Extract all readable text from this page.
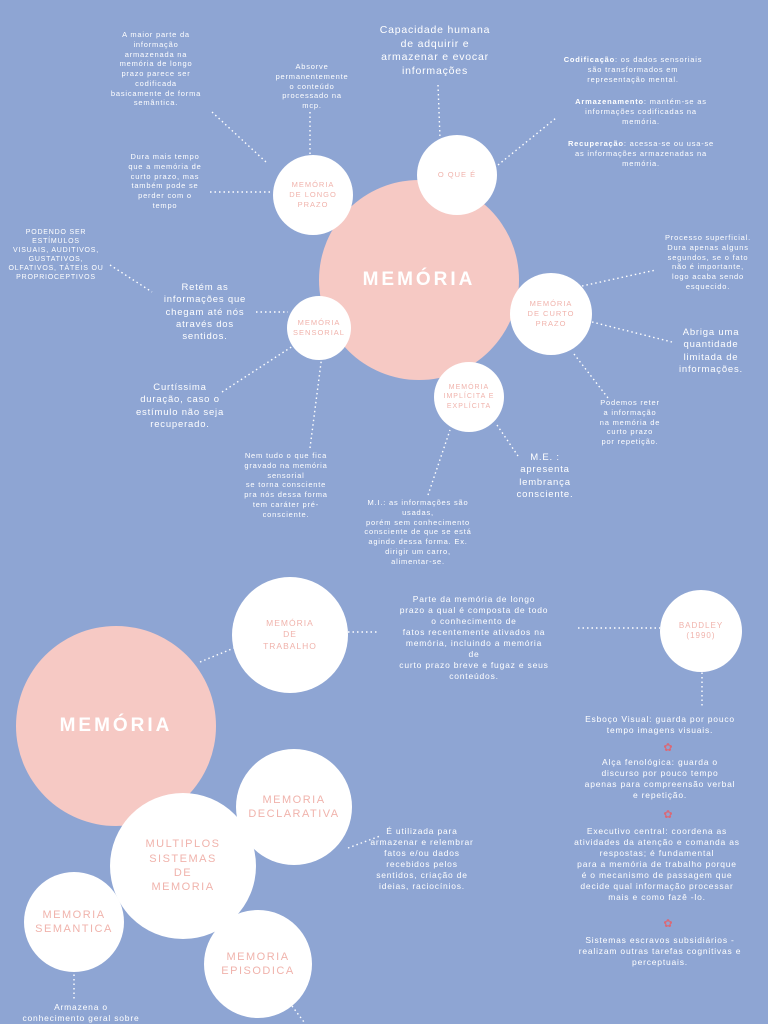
MEMÓRIA
MEMÓRIA
DE LONGO
PRAZO
O QUE É
MEMÓRIA
SENSORIAL
MEMÓRIA
DE CURTO
PRAZO
MEMÓRIA
IMPLÍCITA E
EXPLÍCITA
A maior parte da
informação
armazenada na
memória de longo
prazo parece ser
codificada
basicamente de forma
semântica.
Absorve
permanentemente
o conteúdo
processado na
mcp.
Dura mais tempo
que a memória de
curto prazo, mas
também pode se
perder com o
tempo
Capacidade humana
de adquirir e
armazenar e evocar
informações
Codificação: os dados sensoriais
são transformados em
representação mental.
Armazenamento: mantém-se as
informações codificadas na
memória.
Recuperação: acessa-se ou usa-se
as informações armazenadas na
memória.
PODENDO SER
ESTÍMULOS
VISUAIS, AUDITIVOS,
GUSTATIVOS,
OLFATIVOS, TÁTEIS OU
PROPRIOCEPTIVOS
Retém as
informações que
chegam até nós
através dos
sentidos.
Curtíssima
duração, caso o
estímulo não seja
recuperado.
Nem tudo o que fica
gravado na memória
sensorial
se torna consciente
pra nós dessa forma
tem caráter pré-
consciente.
Processo superficial.
Dura apenas alguns
segundos, se o fato
não é importante,
logo acaba sendo
esquecido.
Abriga uma
quantidade
limitada de
informações.
Podemos reter
a informação
na memória de
curto prazo
por repetição.
M.E. :
apresenta
lembrança
consciente.
M.I.: as informações são
usadas,
porém sem conhecimento
consciente de que se está
agindo dessa forma. Ex.
dirigir um carro,
alimentar-se.
MEMÓRIA
MEMÓRIA
DE
TRABALHO
BADDLEY
(1990)
MEMORIA
DECLARATIVA
MULTIPLOS
SISTEMAS
DE
MEMORIA
MEMORIA
SEMANTICA
MEMORIA
EPISODICA
Parte da memória de longo
prazo a qual é composta de todo
o conhecimento de
fatos recentemente ativados na
memória, incluindo a memória
de
curto prazo breve e fugaz e seus
conteúdos.
Esboço Visual: guarda por pouco
tempo imagens visuais.
✿
Alça fenológica: guarda o
discurso por pouco tempo
apenas para compreensão verbal
e repetição.
✿
Executivo central: coordena as
atividades da atenção e comanda as
respostas; é fundamental
para a memória de trabalho porque
é o mecanismo de passagem que
decide qual informação processar
mais e como fazê -lo.
✿
Sistemas escravos subsidiários -
realizam outras tarefas cognitivas e
perceptuais.
É utilizada para
armazenar e relembrar
fatos e/ou dados
recebidos pelos
sentidos, criação de
ideias, raciocínios.
Armazena o
conhecimento geral sobre
